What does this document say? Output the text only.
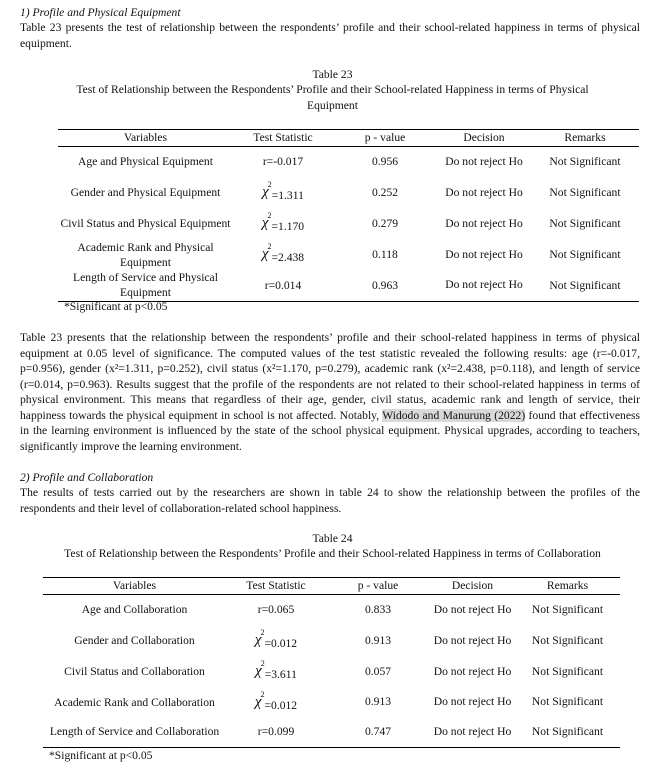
1) Profile and Physical Equipment

Table 23 presents the test of relationship between the respondents’ profile and their school-related happiness in terms of physical equipment.

Table 23
Test of Relationship between the Respondents’ Profile and their School-related Happiness in terms of Physical Equipment
Variables	Test Statistic	p - value	Decision	Remarks
Age and Physical Equipment	r=-0.017	0.956	Do not reject Ho	Not Significant
Gender and Physical Equipment	$\chi^2=1.311$	0.252	Do not reject Ho	Not Significant
Civil Status and Physical Equipment	$\chi^2=1.170$	0.279	Do not reject Ho	Not Significant
Academic Rank and Physical Equipment	$\chi^2=2.438$	0.118	Do not reject Ho	Not Significant
Length of Service and Physical Equipment	r=0.014	0.963	Do not reject Ho	Not Significant
*Significant at p<0.05

Table 23 presents that the relationship between the respondents’ profile and their school-related happiness in terms of physical equipment at 0.05 level of significance. The computed values of the test statistic revealed the following results: age (r=-0.017, p=0.956), gender (x²=1.311, p=0.252), civil status (x²=1.170, p=0.279), academic rank (x²=2.438, p=0.118), and length of service (r=0.014, p=0.963). Results suggest that the profile of the respondents are not related to their school-related happiness in terms of physical environment. This means that regardless of their age, gender, civil status, academic rank and length of service, their happiness towards the physical equipment in school is not affected. Notably, Widodo and Manurung (2022) found that effectiveness in the learning environment is influenced by the state of the school physical equipment. Physical upgrades, according to teachers, significantly improve the learning environment.

2) Profile and Collaboration

The results of tests carried out by the researchers are shown in table 24 to show the relationship between the profiles of the respondents and their level of collaboration-related school happiness.

Table 24
Test of Relationship between the Respondents’ Profile and their School-related Happiness in terms of Collaboration
Variables	Test Statistic	p - value	Decision	Remarks
Age and Collaboration	r=0.065	0.833	Do not reject Ho	Not Significant
Gender and Collaboration	$\chi^2=0.012$	0.913	Do not reject Ho	Not Significant
Civil Status and Collaboration	$\chi^2=3.611$	0.057	Do not reject Ho	Not Significant
Academic Rank and Collaboration	$\chi^2=0.012$	0.913	Do not reject Ho	Not Significant
Length of Service and Collaboration	r=0.099	0.747	Do not reject Ho	Not Significant
*Significant at p<0.05
